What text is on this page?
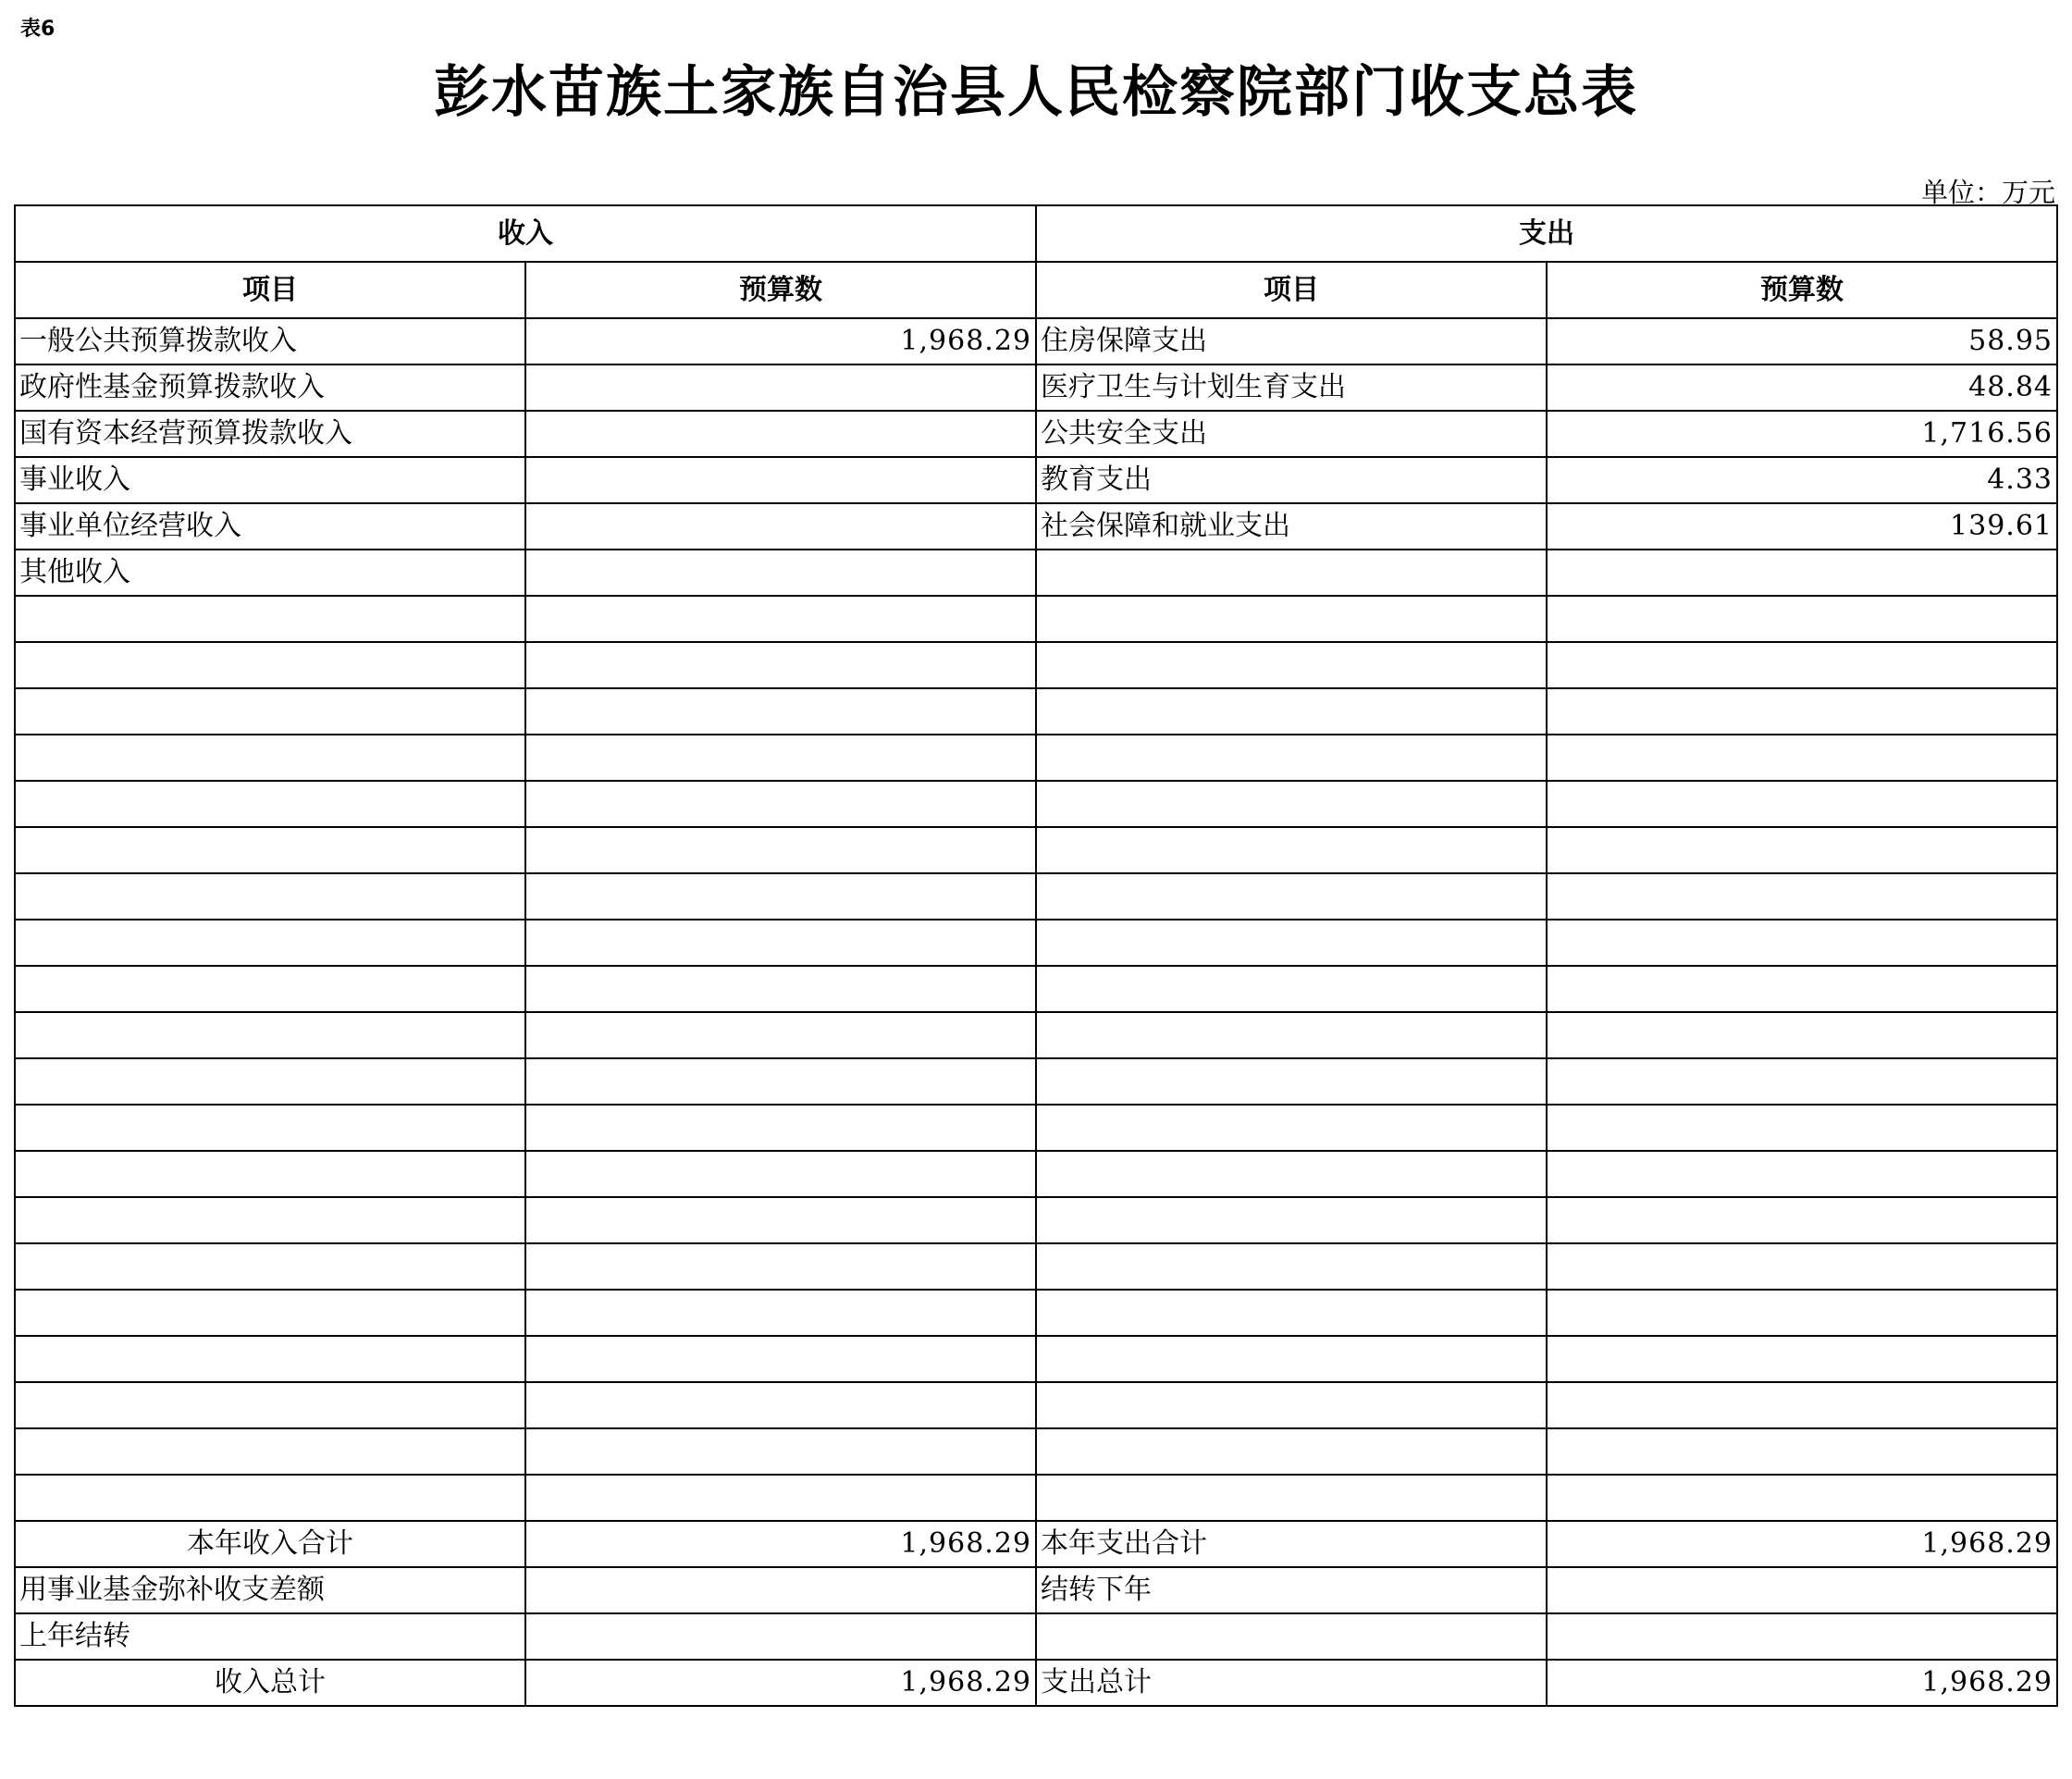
表6
彭水苗族土家族自治县人民检察院部门收支总表
单位：万元
收入		支出	
项目	预算数	项目	预算数
一般公共预算拨款收入	1,968.29	住房保障支出	58.95
政府性基金预算拨款收入		医疗卫生与计划生育支出	48.84
国有资本经营预算拨款收入		公共安全支出	1,716.56
事业收入		教育支出	4.33
事业单位经营收入		社会保障和就业支出	139.61
其他收入			

本年收入合计	1,968.29	本年支出合计	1,968.29
用事业基金弥补收支差额		结转下年	
上年结转			
收入总计	1,968.29	支出总计	1,968.29
